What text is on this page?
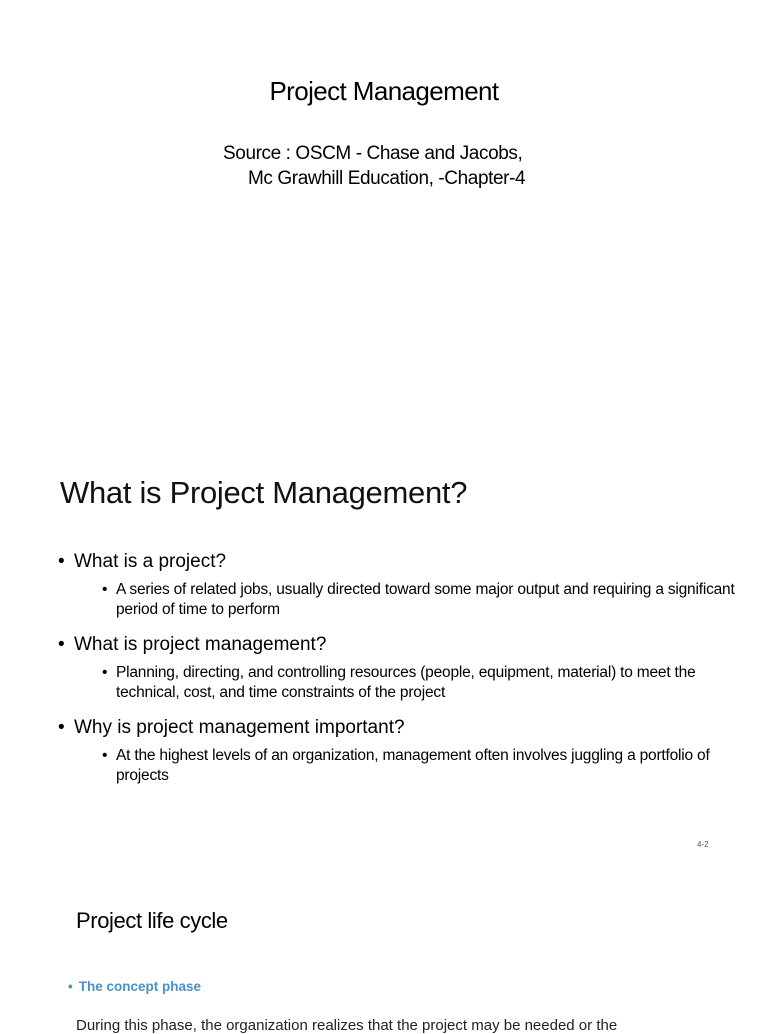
Project Management
Source : OSCM - Chase and Jacobs,
Mc Grawhill Education, -Chapter-4
What is Project Management?
• What is a project?
• A series of related jobs, usually directed toward some major output and requiring a significant period of time to perform
• What is project management?
• Planning, directing, and controlling resources (people, equipment, material) to meet the technical, cost, and time constraints of the project
• Why is project management important?
• At the highest levels of an organization, management often involves juggling a portfolio of projects
4-2
Project life cycle
• The concept phase
During this phase, the organization realizes that the project may be needed or the
